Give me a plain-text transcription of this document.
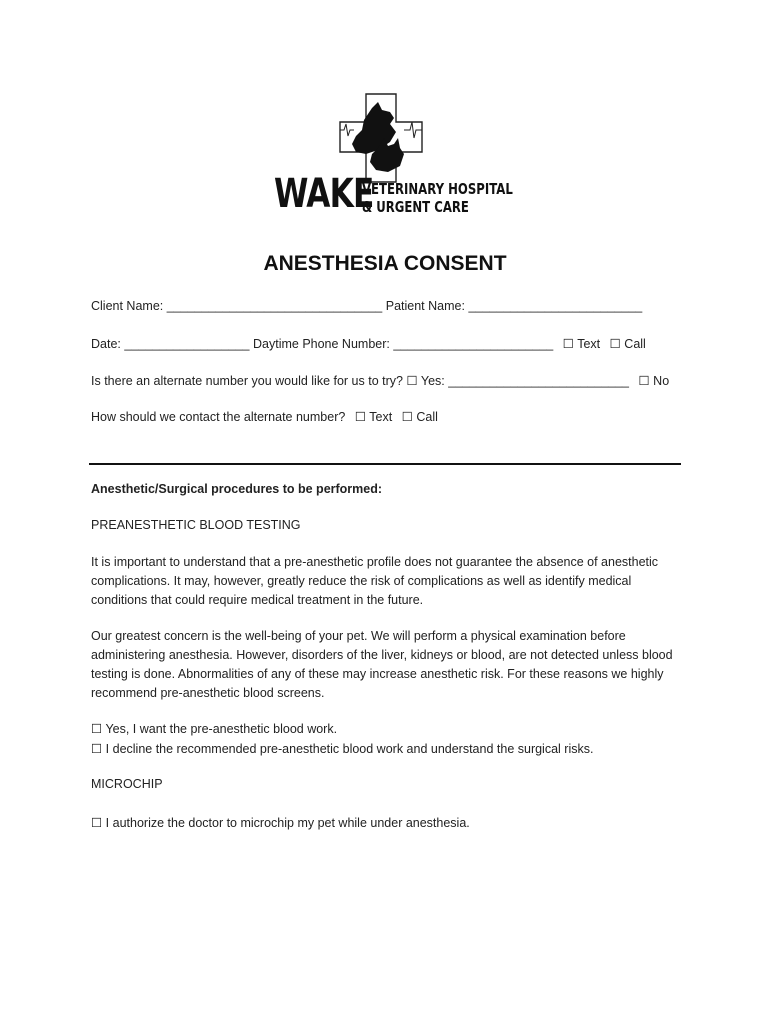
WAKE
VETERINARY HOSPITAL
& URGENT CARE
ANESTHESIA CONSENT
Client Name: _______________________________ Patient Name: _________________________
Date: __________________ Daytime Phone Number: _______________________ ☐ Text ☐ Call
Is there an alternate number you would like for us to try? ☐ Yes: __________________________ ☐ No
How should we contact the alternate number? ☐ Text ☐ Call
Anesthetic/Surgical procedures to be performed:
PREANESTHETIC BLOOD TESTING
It is important to understand that a pre-anesthetic profile does not guarantee the absence of anesthetic complications. It may, however, greatly reduce the risk of complications as well as identify medical conditions that could require medical treatment in the future.
Our greatest concern is the well-being of your pet. We will perform a physical examination before administering anesthesia. However, disorders of the liver, kidneys or blood, are not detected unless blood testing is done. Abnormalities of any of these may increase anesthetic risk. For these reasons we highly recommend pre-anesthetic blood screens.
☐ Yes, I want the pre-anesthetic blood work.
☐ I decline the recommended pre-anesthetic blood work and understand the surgical risks.
MICROCHIP
☐ I authorize the doctor to microchip my pet while under anesthesia.
